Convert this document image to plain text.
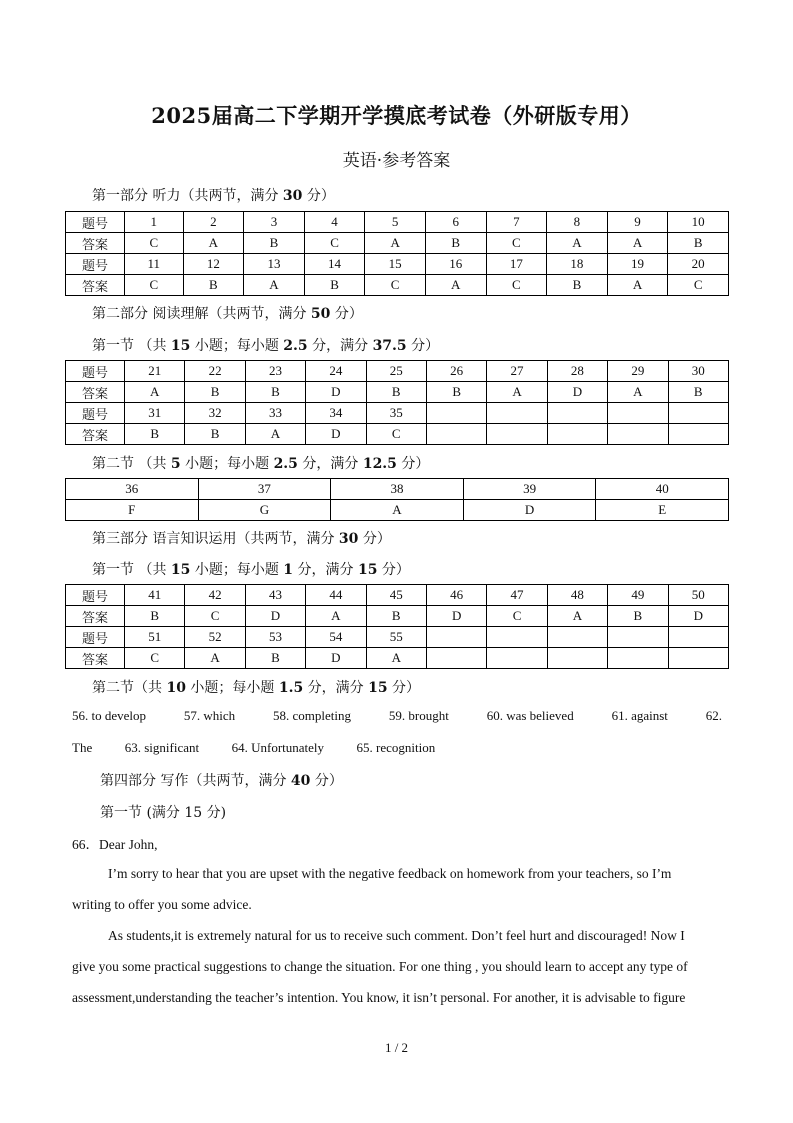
2025届高二下学期开学摸底考试卷（外研版专用）
英语·参考答案
第一部分 听力（共两节，满分 30 分）
题号	1	2	3	4	5	6	7	8	9	10
答案	C	A	B	C	A	B	C	A	A	B
题号	11	12	13	14	15	16	17	18	19	20
答案	C	B	A	B	C	A	C	B	A	C
第二部分 阅读理解（共两节，满分 50 分）
第一节 （共 15 小题；每小题 2.5 分，满分 37.5 分）
题号	21	22	23	24	25	26	27	28	29	30
答案	A	B	B	D	B	B	A	D	A	B
题号	31	32	33	34	35					
答案	B	B	A	D	C					
第二节 （共 5 小题；每小题 2.5 分，满分 12.5 分）
36	37	38	39	40
F	G	A	D	E
第三部分 语言知识运用（共两节，满分 30 分）
第一节 （共 15 小题；每小题 1 分，满分 15 分）
题号	41	42	43	44	45	46	47	48	49	50
答案	B	C	D	A	B	D	C	A	B	D
题号	51	52	53	54	55					
答案	C	A	B	D	A					
第二节（共 10 小题；每小题 1.5 分，满分 15 分）
56. to develop	57. which	58. completing	59. brought	60. was believed	61. against	62.
The	63. significant	64. Unfortunately	65. recognition
第四部分 写作（共两节，满分 40 分）
第一节 (满分 15 分)
66．Dear John,
I’m sorry to hear that you are upset with the negative feedback on homework from your teachers, so I’m
writing to offer you some advice.
As students,it is extremely natural for us to receive such comment. Don’t feel hurt and discouraged! Now I
give you some practical suggestions to change the situation. For one thing , you should learn to accept any type of
assessment,understanding the teacher’s intention. You know, it isn’t personal. For another, it is advisable to figure
1 / 2
